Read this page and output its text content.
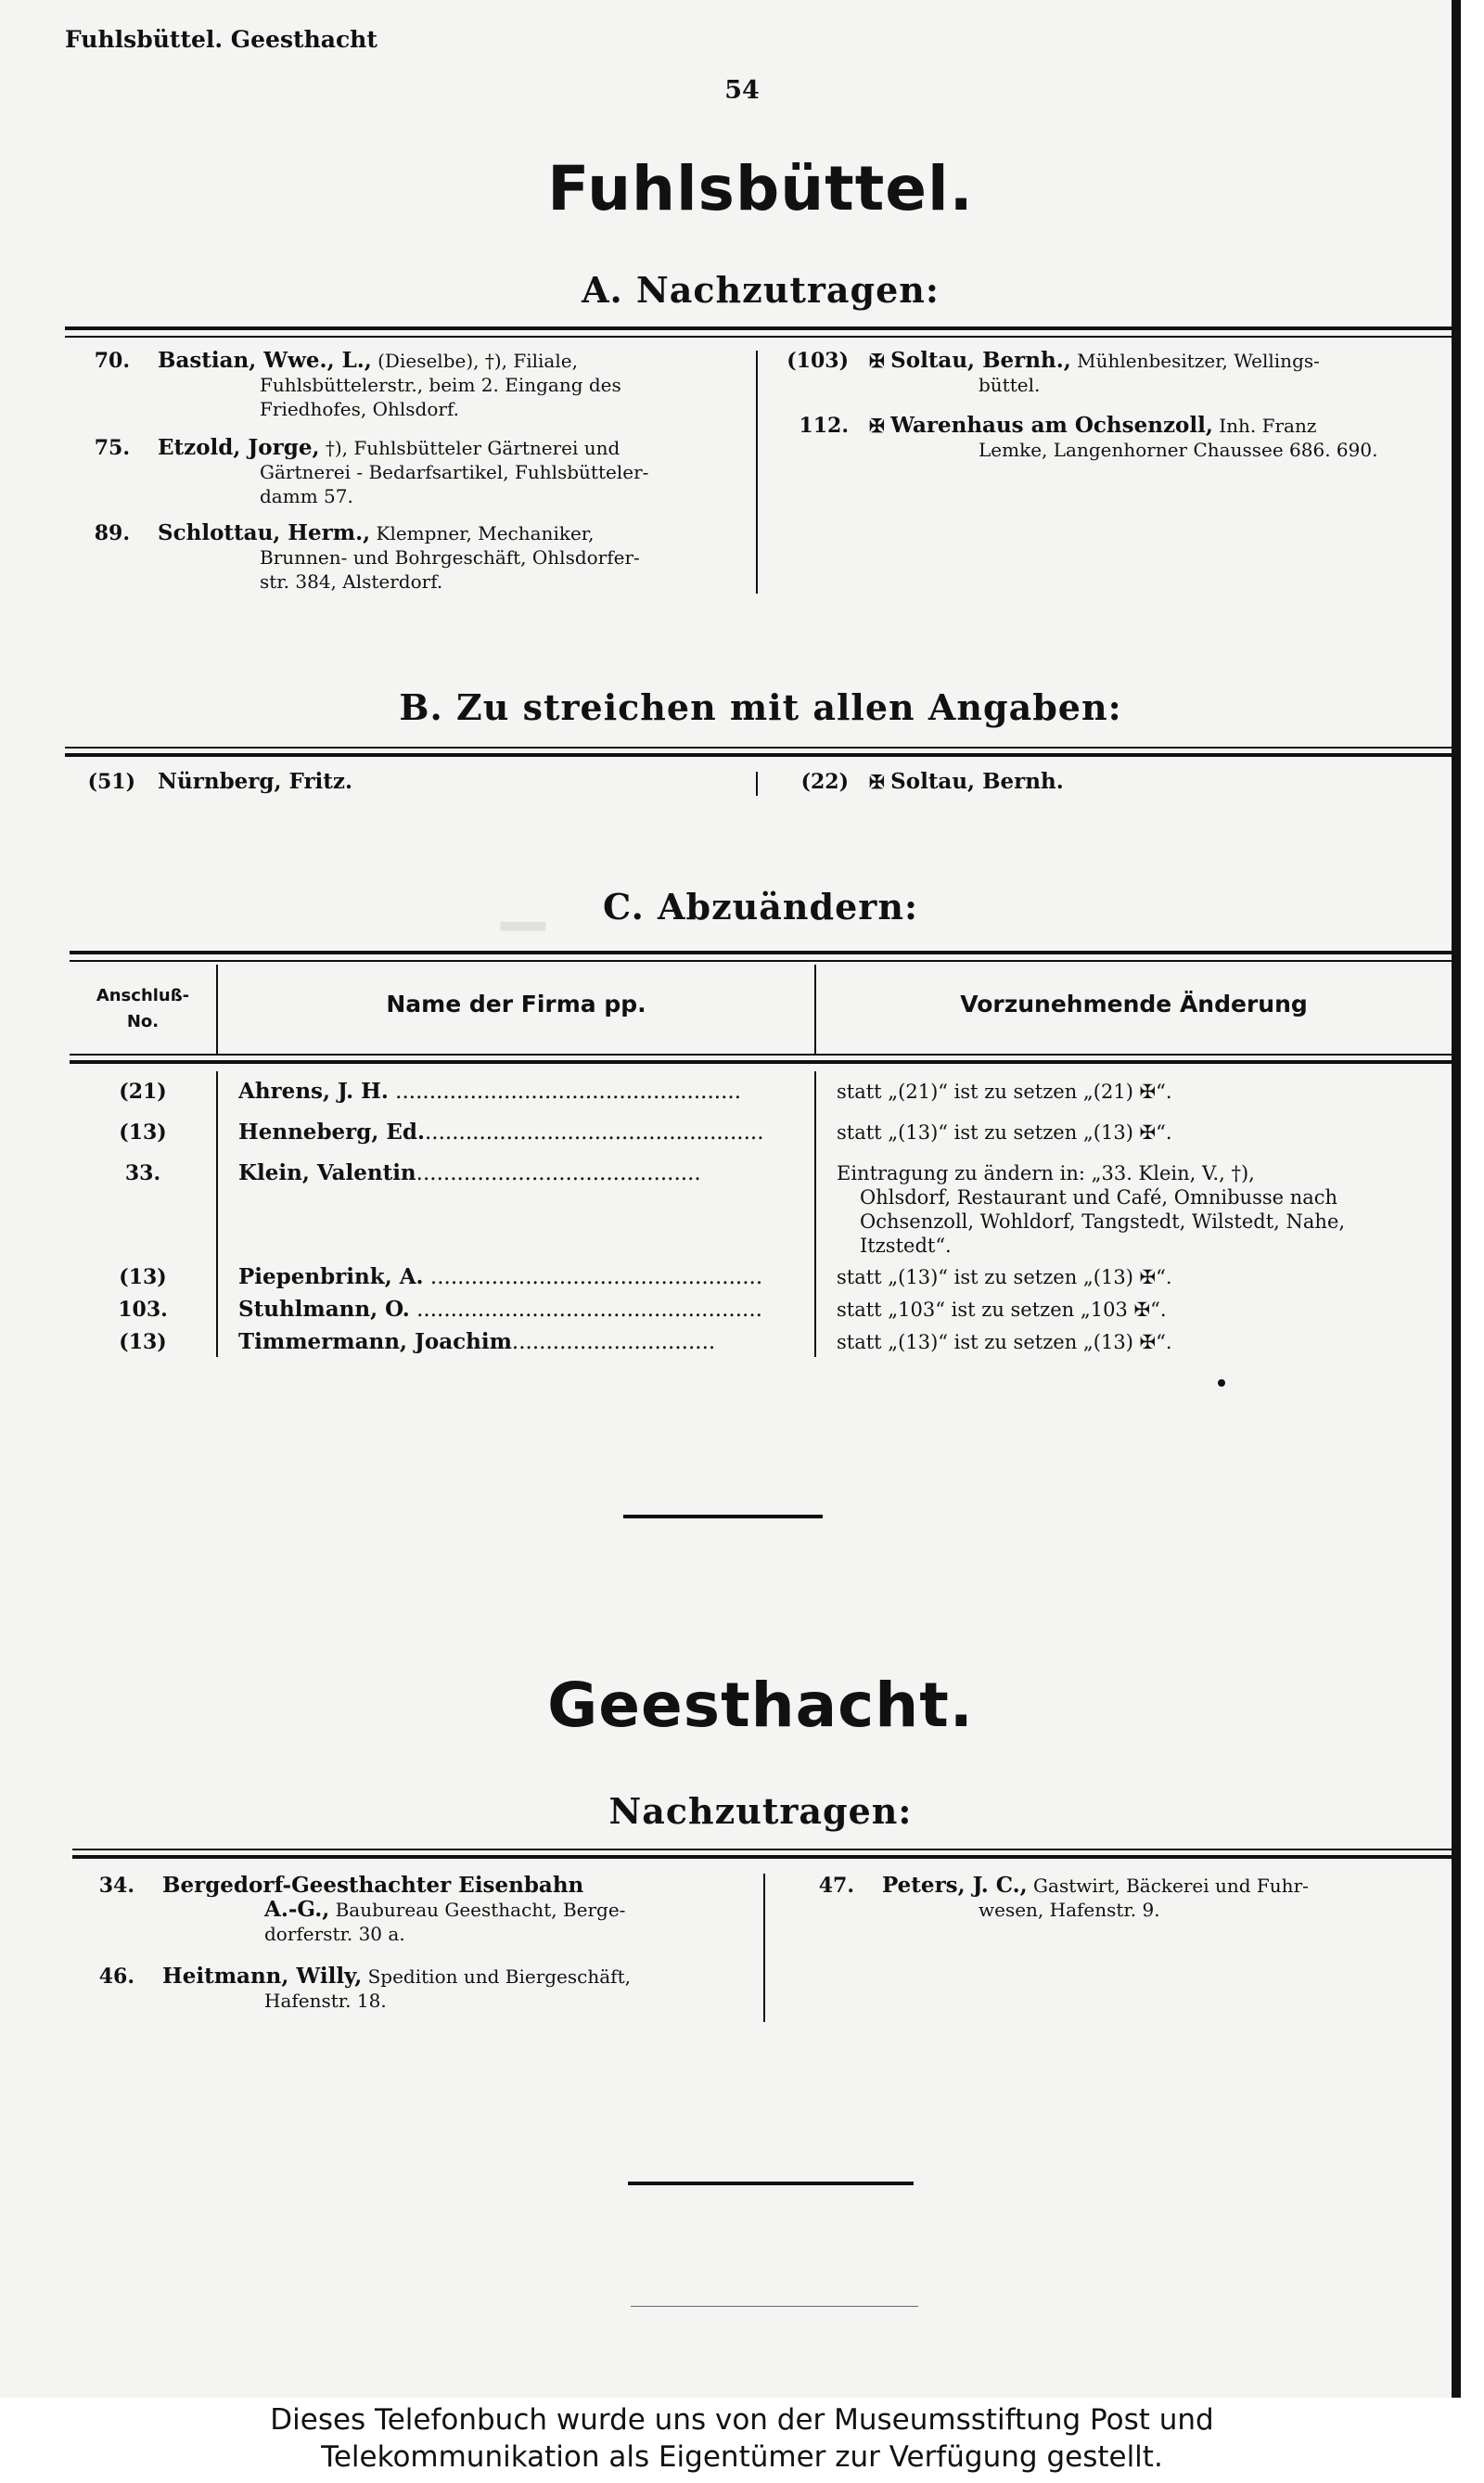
▁
Fuhlsbüttel. Geesthacht
54
Fuhlsbüttel.
A. Nachzutragen:
70. Bastian, Wwe., L., (Dieselbe), †), Filiale,
Fuhlsbüttelerstr., beim 2. Eingang des
Friedhofes, Ohlsdorf.
75. Etzold, Jorge, †), Fuhlsbütteler Gärtnerei und
Gärtnerei - Bedarfsartikel, Fuhlsbütteler-
damm 57.
89. Schlottau, Herm., Klempner, Mechaniker,
Brunnen- und Bohrgeschäft, Ohlsdorfer-
str. 384, Alsterdorf.
(103) ✠ Soltau, Bernh., Mühlenbesitzer, Wellings-
büttel.
112. ✠ Warenhaus am Ochsenzoll, Inh. Franz
Lemke, Langenhorner Chaussee 686. 690.
B. Zu streichen mit allen Angaben:
(51) Nürnberg, Fritz.	(22) ✠ Soltau, Bernh.
C. Abzuändern:
Anschluß-
No.
Name der Firma pp.	Vorzunehmende Änderung
(21)	Ahrens, J. H. ...................................................	statt „(21)“ ist zu setzen „(21) ✠“.
(13)	Henneberg, Ed...................................................	statt „(13)“ ist zu setzen „(13) ✠“.
33.	Klein, Valentin..........................................	Eintragung zu ändern in: „33. Klein, V., †),
Ohlsdorf, Restaurant und Café, Omnibusse nach
Ochsenzoll, Wohldorf, Tangstedt, Wilstedt, Nahe,
Itzstedt“.
(13)	Piepenbrink, A. .................................................	statt „(13)“ ist zu setzen „(13) ✠“.
103.	Stuhlmann, O. ...................................................	statt „103“ ist zu setzen „103 ✠“.
(13)	Timmermann, Joachim..............................	statt „(13)“ ist zu setzen „(13) ✠“.
Geesthacht.
Nachzutragen:
34. Bergedorf-Geesthachter Eisenbahn
A.-G., Baubureau Geesthacht, Berge-
dorferstr. 30 a.
46. Heitmann, Willy, Spedition und Biergeschäft,
Hafenstr. 18.
47. Peters, J. C., Gastwirt, Bäckerei und Fuhr-
wesen, Hafenstr. 9.
Dieses Telefonbuch wurde uns von der Museumsstiftung Post und
Telekommunikation als Eigentümer zur Verfügung gestellt.
